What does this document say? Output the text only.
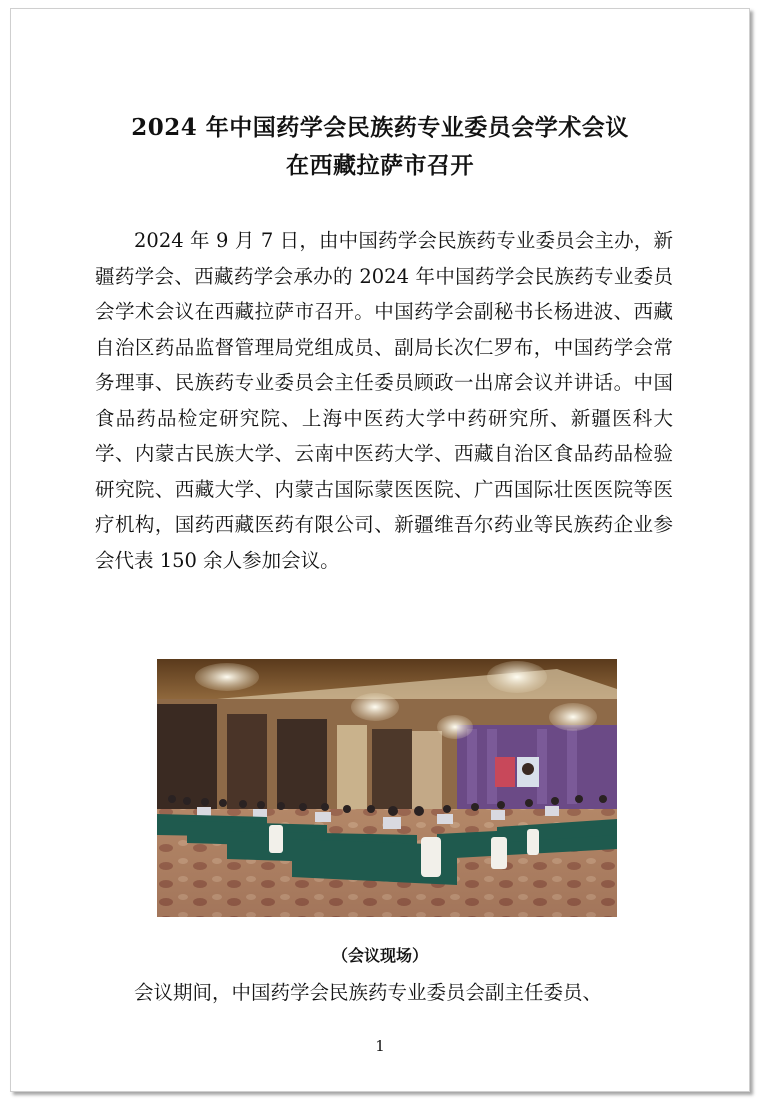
2024 年中国药学会民族药专业委员会学术会议
在西藏拉萨市召开

2024 年 9 月 7 日，由中国药学会民族药专业委员会主办，新疆药学会、西藏药学会承办的 2024 年中国药学会民族药专业委员会学术会议在西藏拉萨市召开。中国药学会副秘书长杨进波、西藏自治区药品监督管理局党组成员、副局长次仁罗布，中国药学会常务理事、民族药专业委员会主任委员顾政一出席会议并讲话。中国食品药品检定研究院、上海中医药大学中药研究所、新疆医科大学、内蒙古民族大学、云南中医药大学、西藏自治区食品药品检验研究院、西藏大学、内蒙古国际蒙医医院、广西国际壮医医院等医疗机构，国药西藏医药有限公司、新疆维吾尔药业等民族药企业参会代表 150 余人参加会议。

（会议现场）

会议期间，中国药学会民族药专业委员会副主任委员、

1
